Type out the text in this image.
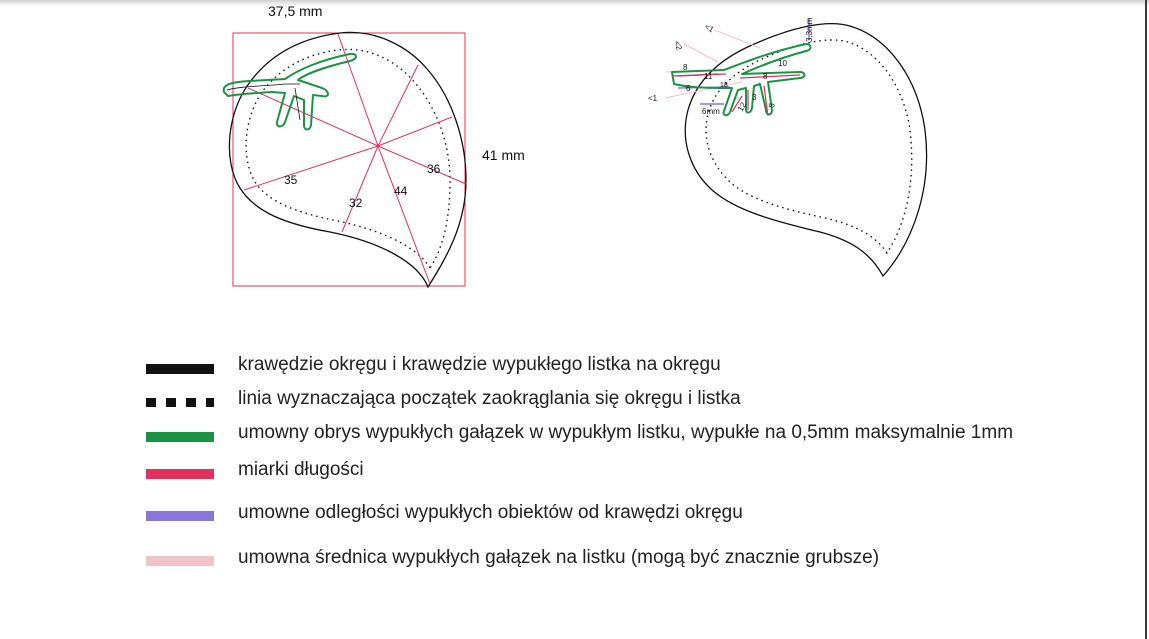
37,5 mm
41 mm
35
32
44
36
<1
<2
8
11
6	18
<1
6mm 12
3
5
8
10
3,3mm
krawędzie okręgu i krawędzie wypukłego listka na okręgu
linia wyznaczająca początek zaokrąglania się okręgu i listka
umowny obrys wypukłych gałązek w wypukłym listku, wypukłe na 0,5mm maksymalnie 1mm
miarki długości
umowne odległości wypukłych obiektów od krawędzi okręgu
umowna średnica wypukłych gałązek na listku (mogą być znacznie grubsze)
